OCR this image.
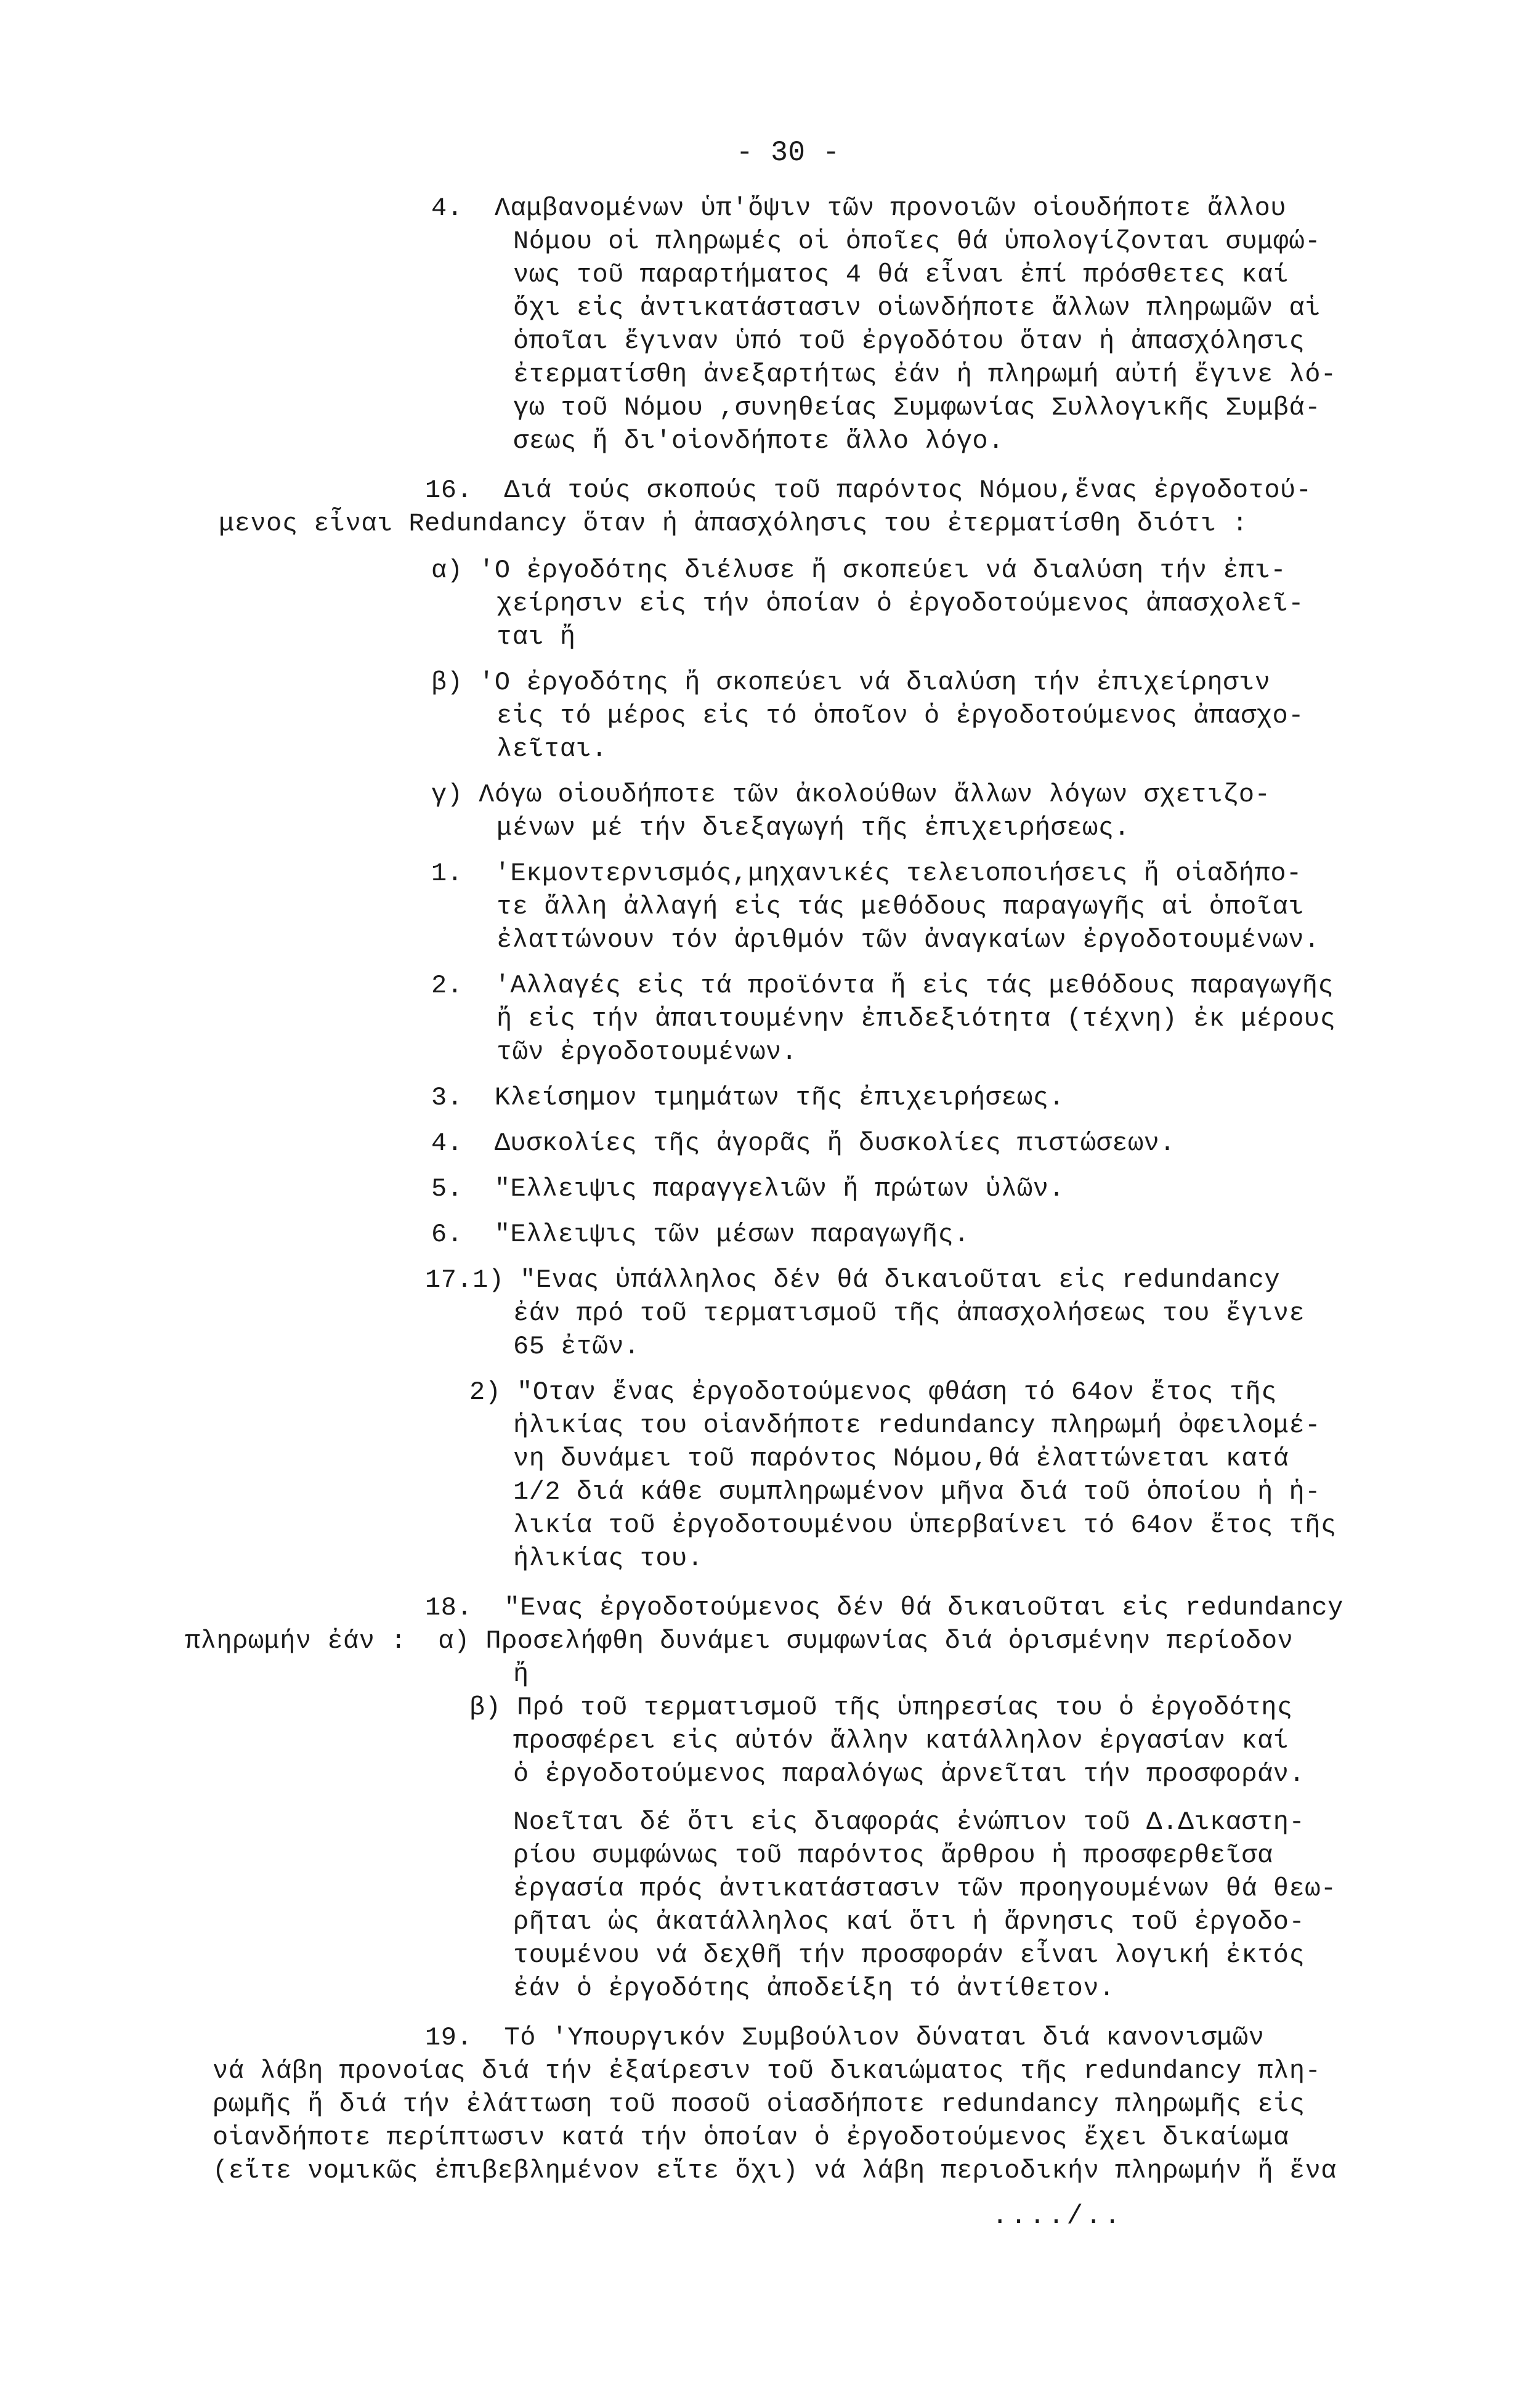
- 30 -
4.  Λαμβανομένων ὑπ'ὄψιν τῶν προνοιῶν οἱουδήποτε ἄλλου
Νόμου οἱ πληρωμές οἱ ὁποῖες θά ὑπολογίζονται συμφώ-
νως τοῦ παραρτήματος 4 θά εἶναι ἐπί πρόσθετες καί
ὄχι εἰς ἀντικατάστασιν οἱωνδήποτε ἄλλων πληρωμῶν αἱ
ὁποῖαι ἔγιναν ὑπό τοῦ ἐργοδότου ὅταν ἡ ἀπασχόλησις
ἐτερματίσθη ἀνεξαρτήτως ἐάν ἡ πληρωμή αὐτή ἔγινε λό-
γω τοῦ Νόμου ,συνηθείας Συμφωνίας Συλλογικῆς Συμβά-
σεως ἤ δι'οἱονδήποτε ἄλλο λόγο.
16.  Διά τούς σκοπούς τοῦ παρόντος Νόμου,ἕνας ἐργοδοτού-
μενος εἶναι Redundancy ὅταν ἡ ἀπασχόλησις του ἐτερματίσθη διότι :
α) 'Ο ἐργοδότης διέλυσε ἤ σκοπεύει νά διαλύση τήν ἐπι-
χείρησιν εἰς τήν ὁποίαν ὁ ἐργοδοτούμενος ἀπασχολεῖ-
ται ἤ
β) 'Ο ἐργοδότης ἤ σκοπεύει νά διαλύση τήν ἐπιχείρησιν
εἰς τό μέρος εἰς τό ὁποῖον ὁ ἐργοδοτούμενος ἀπασχο-
λεῖται.
γ) Λόγω οἱουδήποτε τῶν ἀκολούθων ἄλλων λόγων σχετιζο-
μένων μέ τήν διεξαγωγή τῆς ἐπιχειρήσεως.
1.  'Εκμοντερνισμός,μηχανικές τελειοποιήσεις ἤ οἱαδήπο-
τε ἄλλη ἀλλαγή εἰς τάς μεθόδους παραγωγῆς αἱ ὁποῖαι
ἐλαττώνουν τόν ἀριθμόν τῶν ἀναγκαίων ἐργοδοτουμένων.
2.  'Αλλαγές εἰς τά προϊόντα ἤ εἰς τάς μεθόδους παραγωγῆς
ἤ εἰς τήν ἀπαιτουμένην ἐπιδεξιότητα (τέχνη) ἐκ μέρους
τῶν ἐργοδοτουμένων.
3.  Κλείσημον τμημάτων τῆς ἐπιχειρήσεως.
4.  Δυσκολίες τῆς ἀγορᾶς ἤ δυσκολίες πιστώσεων.
5.  "Ελλειψις παραγγελιῶν ἤ πρώτων ὑλῶν.
6.  "Ελλειψις τῶν μέσων παραγωγῆς.
17.1) "Ενας ὑπάλληλος δέν θά δικαιοῦται εἰς redundancy
ἐάν πρό τοῦ τερματισμοῦ τῆς ἀπασχολήσεως του ἔγινε
65 ἐτῶν.
2) "Οταν ἕνας ἐργοδοτούμενος φθάση τό 64ον ἔτος τῆς
ἡλικίας του οἱανδήποτε redundancy πληρωμή ὀφειλομέ-
νη δυνάμει τοῦ παρόντος Νόμου,θά ἐλαττώνεται κατά
1/2 διά κάθε συμπληρωμένον μῆνα διά τοῦ ὁποίου ἡ ἡ-
λικία τοῦ ἐργοδοτουμένου ὑπερβαίνει τό 64ον ἔτος τῆς
ἡλικίας του.
18.  "Ενας ἐργοδοτούμενος δέν θά δικαιοῦται εἰς redundancy
πληρωμήν ἐάν :  α) Προσελήφθη δυνάμει συμφωνίας διά ὁρισμένην περίοδον
ἤ
β) Πρό τοῦ τερματισμοῦ τῆς ὑπηρεσίας του ὁ ἐργοδότης
προσφέρει εἰς αὐτόν ἄλλην κατάλληλον ἐργασίαν καί
ὁ ἐργοδοτούμενος παραλόγως ἀρνεῖται τήν προσφοράν.
Νοεῖται δέ ὅτι εἰς διαφοράς ἐνώπιον τοῦ Δ.Δικαστη-
ρίου συμφώνως τοῦ παρόντος ἄρθρου ἡ προσφερθεῖσα
ἐργασία πρός ἀντικατάστασιν τῶν προηγουμένων θά θεω-
ρῆται ὡς ἀκατάλληλος καί ὅτι ἡ ἄρνησις τοῦ ἐργοδο-
τουμένου νά δεχθῆ τήν προσφοράν εἶναι λογική ἐκτός
ἐάν ὁ ἐργοδότης ἀποδείξη τό ἀντίθετον.
19.  Τό 'Υπουργικόν Συμβούλιον δύναται διά κανονισμῶν
νά λάβη προνοίας διά τήν ἐξαίρεσιν τοῦ δικαιώματος τῆς redundancy πλη-
ρωμῆς ἤ διά τήν ἐλάττωση τοῦ ποσοῦ οἱασδήποτε redundancy πληρωμῆς εἰς
οἱανδήποτε περίπτωσιν κατά τήν ὁποίαν ὁ ἐργοδοτούμενος ἔχει δικαίωμα
(εἴτε νομικῶς ἐπιβεβλημένον εἴτε ὄχι) νά λάβη περιοδικήν πληρωμήν ἤ ἕνα
..../..
